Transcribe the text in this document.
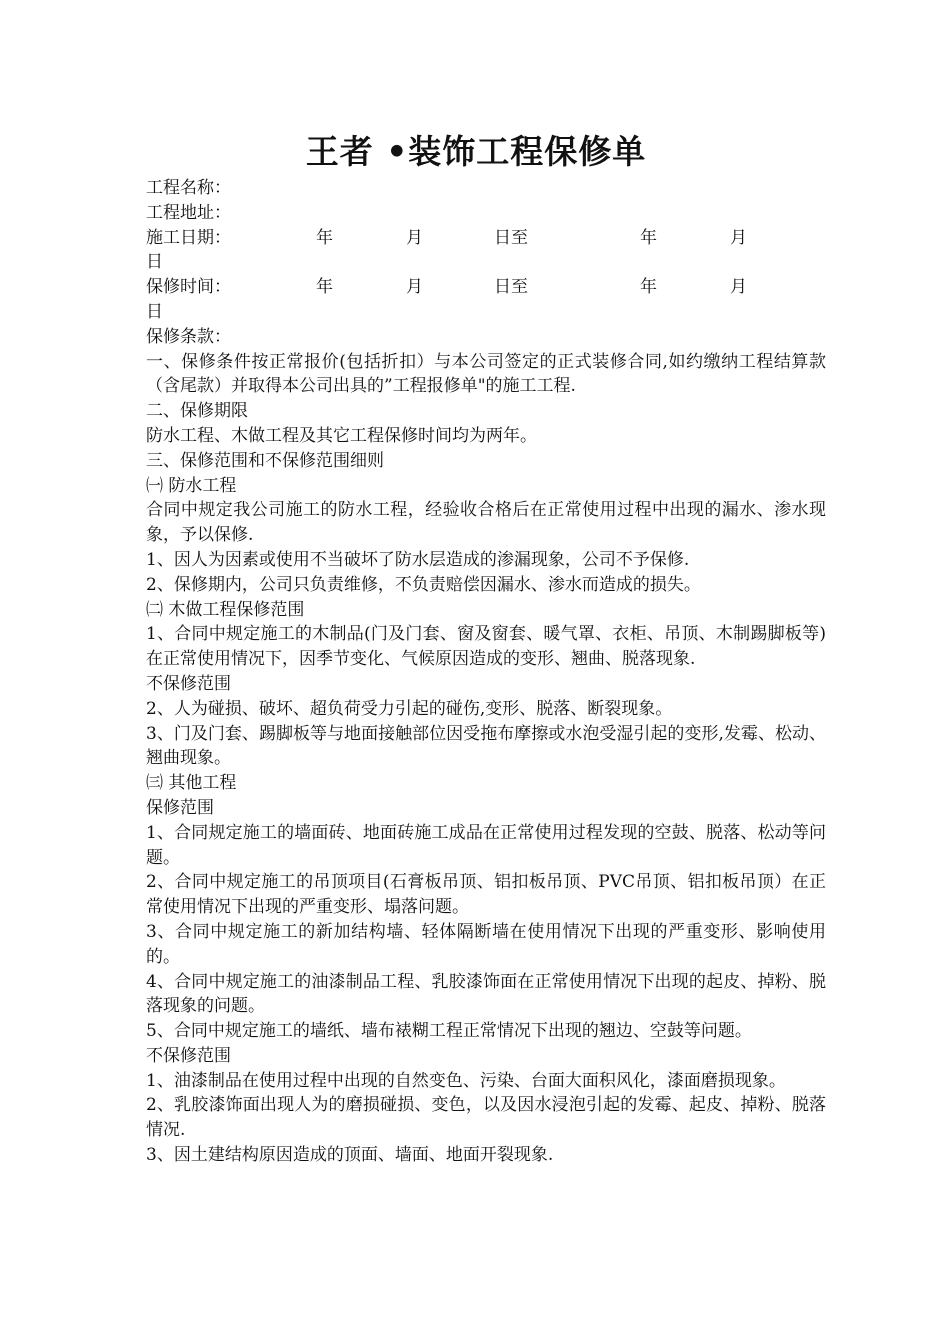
王者 •装饰工程保修单
工程名称：
工程地址：
施工日期：	年	月	日至	年	月
日
保修时间：	年	月	日至	年	月
日
保修条款：
一、保修条件按正常报价(包括折扣）与本公司签定的正式装修合同,如约缴纳工程结算款（含尾款）并取得本公司出具的”工程报修单"的施工工程.
二、保修期限
防水工程、木做工程及其它工程保修时间均为两年。
三、保修范围和不保修范围细则
㈠ 防水工程
合同中规定我公司施工的防水工程，经验收合格后在正常使用过程中出现的漏水、渗水现象，予以保修.
1、因人为因素或使用不当破坏了防水层造成的渗漏现象，公司不予保修.
2、保修期内，公司只负责维修，不负责赔偿因漏水、渗水而造成的损失。
㈡ 木做工程保修范围
1、合同中规定施工的木制品(门及门套、窗及窗套、暖气罩、衣柜、吊顶、木制踢脚板等)在正常使用情况下，因季节变化、气候原因造成的变形、翘曲、脱落现象.
不保修范围
2、人为碰损、破坏、超负荷受力引起的碰伤,变形、脱落、断裂现象。
3、门及门套、踢脚板等与地面接触部位因受拖布摩擦或水泡受湿引起的变形,发霉、松动、翘曲现象。
㈢ 其他工程
保修范围
1、合同规定施工的墙面砖、地面砖施工成品在正常使用过程发现的空鼓、脱落、松动等问题。
2、合同中规定施工的吊顶项目(石膏板吊顶、铝扣板吊顶、PVC吊顶、铝扣板吊顶）在正常使用情况下出现的严重变形、塌落问题。
3、合同中规定施工的新加结构墙、轻体隔断墙在使用情况下出现的严重变形、影响使用的。
4、合同中规定施工的油漆制品工程、乳胶漆饰面在正常使用情况下出现的起皮、掉粉、脱落现象的问题。
5、合同中规定施工的墙纸、墙布裱糊工程正常情况下出现的翘边、空鼓等问题。
不保修范围
1、油漆制品在使用过程中出现的自然变色、污染、台面大面积风化，漆面磨损现象。
2、乳胶漆饰面出现人为的磨损碰损、变色，以及因水浸泡引起的发霉、起皮、掉粉、脱落情况.
3、因土建结构原因造成的顶面、墙面、地面开裂现象.
